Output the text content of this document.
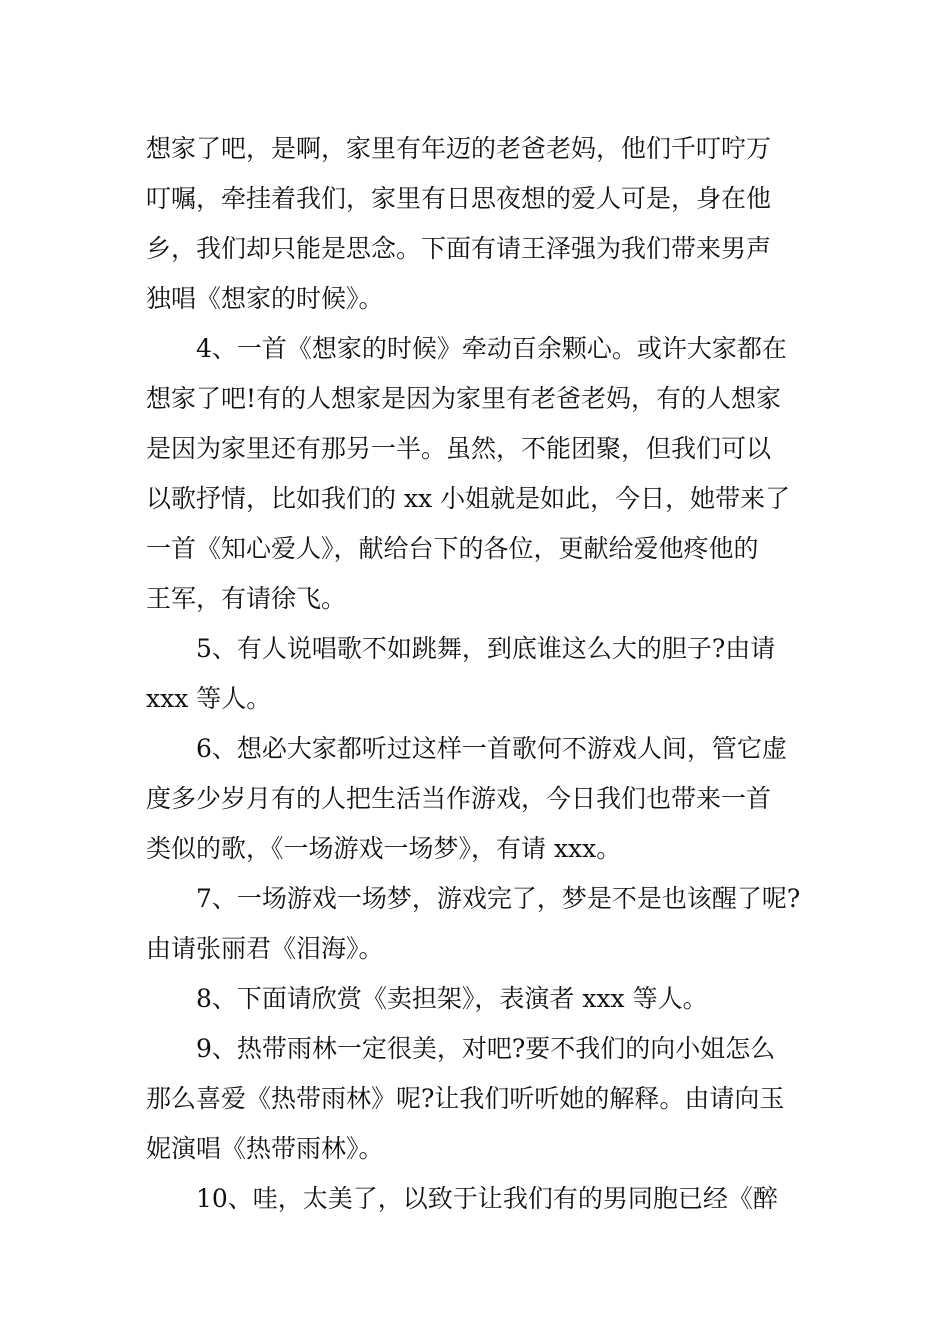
想家了吧，是啊，家里有年迈的老爸老妈，他们千叮咛万
叮嘱，牵挂着我们，家里有日思夜想的爱人可是，身在他
乡，我们却只能是思念。下面有请王泽强为我们带来男声
独唱《想家的时候》。
4、一首《想家的时候》牵动百余颗心。或许大家都在
想家了吧!有的人想家是因为家里有老爸老妈，有的人想家
是因为家里还有那另一半。虽然，不能团聚，但我们可以
以歌抒情，比如我们的 xx 小姐就是如此，今日，她带来了
一首《知心爱人》，献给台下的各位，更献给爱他疼他的
王军，有请徐飞。
5、有人说唱歌不如跳舞，到底谁这么大的胆子?由请
xxx 等人。
6、想必大家都听过这样一首歌何不游戏人间，管它虚
度多少岁月有的人把生活当作游戏，今日我们也带来一首
类似的歌，《一场游戏一场梦》，有请 xxx。
7、一场游戏一场梦，游戏完了，梦是不是也该醒了呢?
由请张丽君《泪海》。
8、下面请欣赏《卖担架》，表演者 xxx 等人。
9、热带雨林一定很美，对吧?要不我们的向小姐怎么
那么喜爱《热带雨林》呢?让我们听听她的解释。由请向玉
妮演唱《热带雨林》。
10、哇，太美了，以致于让我们有的男同胞已经《醉
